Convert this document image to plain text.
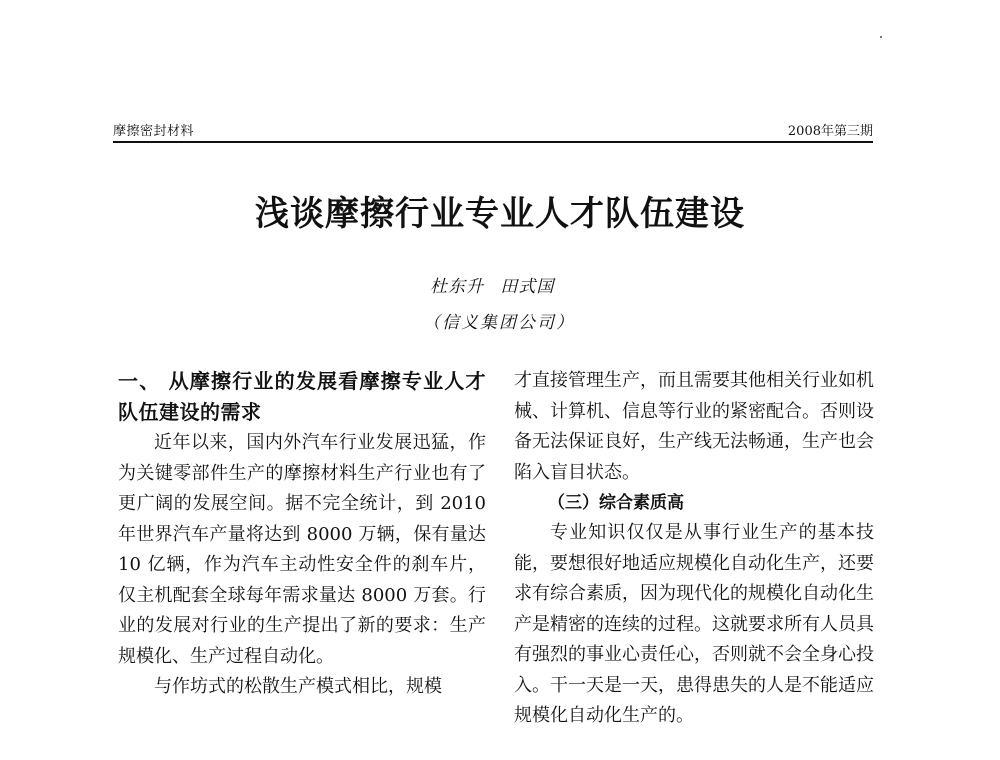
摩擦密封材料	2008年第三期
浅谈摩擦行业专业人才队伍建设
杜东升 田式国
（信义集团公司）
一、 从摩擦行业的发展看摩擦专业人才队伍建设的需求

近年以来，国内外汽车行业发展迅猛，作为关键零部件生产的摩擦材料生产行业也有了更广阔的发展空间。据不完全统计，到 2010 年世界汽车产量将达到 8000 万辆，保有量达 10 亿辆，作为汽车主动性安全件的刹车片，仅主机配套全球每年需求量达 8000 万套。行业的发展对行业的生产提出了新的要求：生产规模化、生产过程自动化。

与作坊式的松散生产模式相比，规模

才直接管理生产，而且需要其他相关行业如机械、计算机、信息等行业的紧密配合。否则设备无法保证良好，生产线无法畅通，生产也会陷入盲目状态。

（三）综合素质高

专业知识仅仅是从事行业生产的基本技能，要想很好地适应规模化自动化生产，还要求有综合素质，因为现代化的规模化自动化生产是精密的连续的过程。这就要求所有人员具有强烈的事业心责任心，否则就不会全身心投入。干一天是一天，患得患失的人是不能适应规模化自动化生产的。
